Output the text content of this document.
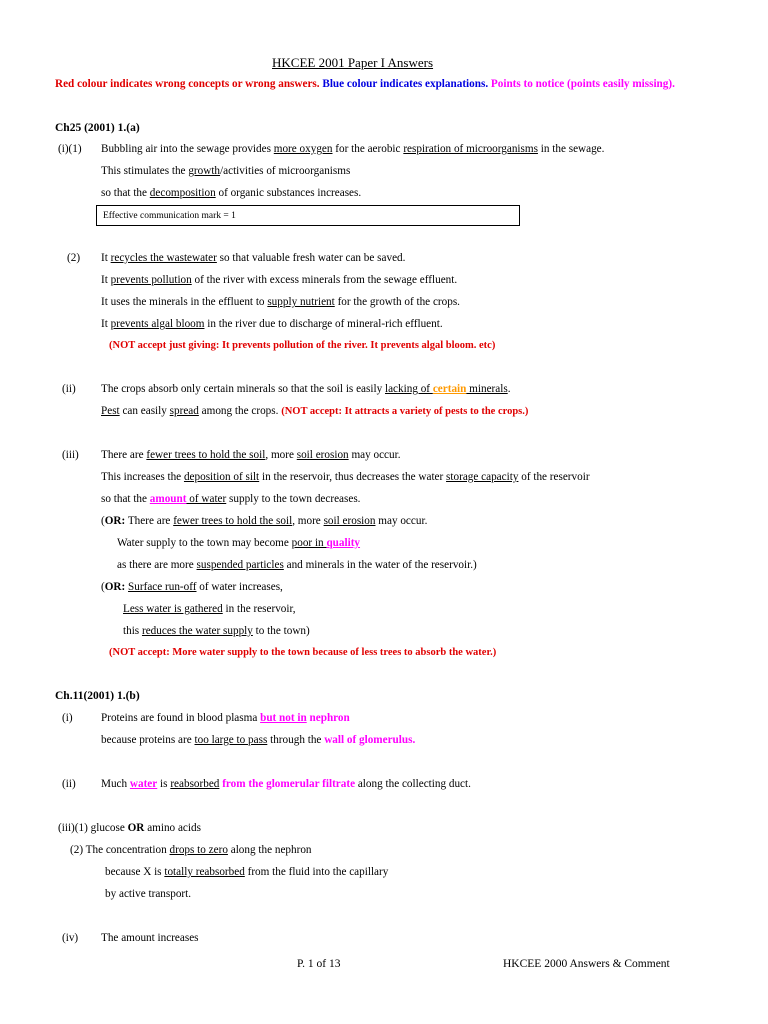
HKCEE 2001 Paper I Answers
Red colour indicates wrong concepts or wrong answers. Blue colour indicates explanations. Points to notice (points easily missing).
Ch25 (2001) 1.(a)
(i)(1) Bubbling air into the sewage provides more oxygen for the aerobic respiration of microorganisms in the sewage.
This stimulates the growth/activities of microorganisms
so that the decomposition of organic substances increases.
Effective communication mark = 1
(2) It recycles the wastewater so that valuable fresh water can be saved.
It prevents pollution of the river with excess minerals from the sewage effluent.
It uses the minerals in the effluent to supply nutrient for the growth of the crops.
It prevents algal bloom in the river due to discharge of mineral-rich effluent.
(NOT accept just giving: It prevents pollution of the river. It prevents algal bloom. etc)
(ii) The crops absorb only certain minerals so that the soil is easily lacking of certain minerals.
Pest can easily spread among the crops. (NOT accept: It attracts a variety of pests to the crops.)
(iii) There are fewer trees to hold the soil, more soil erosion may occur.
This increases the deposition of silt in the reservoir, thus decreases the water storage capacity of the reservoir
so that the amount of water supply to the town decreases.
(OR: There are fewer trees to hold the soil, more soil erosion may occur.
Water supply to the town may become poor in quality
as there are more suspended particles and minerals in the water of the reservoir.)
(OR: Surface run-off of water increases,
Less water is gathered in the reservoir,
this reduces the water supply to the town)
(NOT accept: More water supply to the town because of less trees to absorb the water.)
Ch.11(2001) 1.(b)
(i)	Proteins are found in blood plasma but not in nephron
because proteins are too large to pass through the wall of glomerulus.
(ii) Much water is reabsorbed from the glomerular filtrate along the collecting duct.
(iii)(1) glucose OR amino acids
(2) The concentration drops to zero along the nephron
because X is totally reabsorbed from the fluid into the capillary
by active transport.
(iv) The amount increases
P. 1 of 13	HKCEE 2000 Answers & Comment
